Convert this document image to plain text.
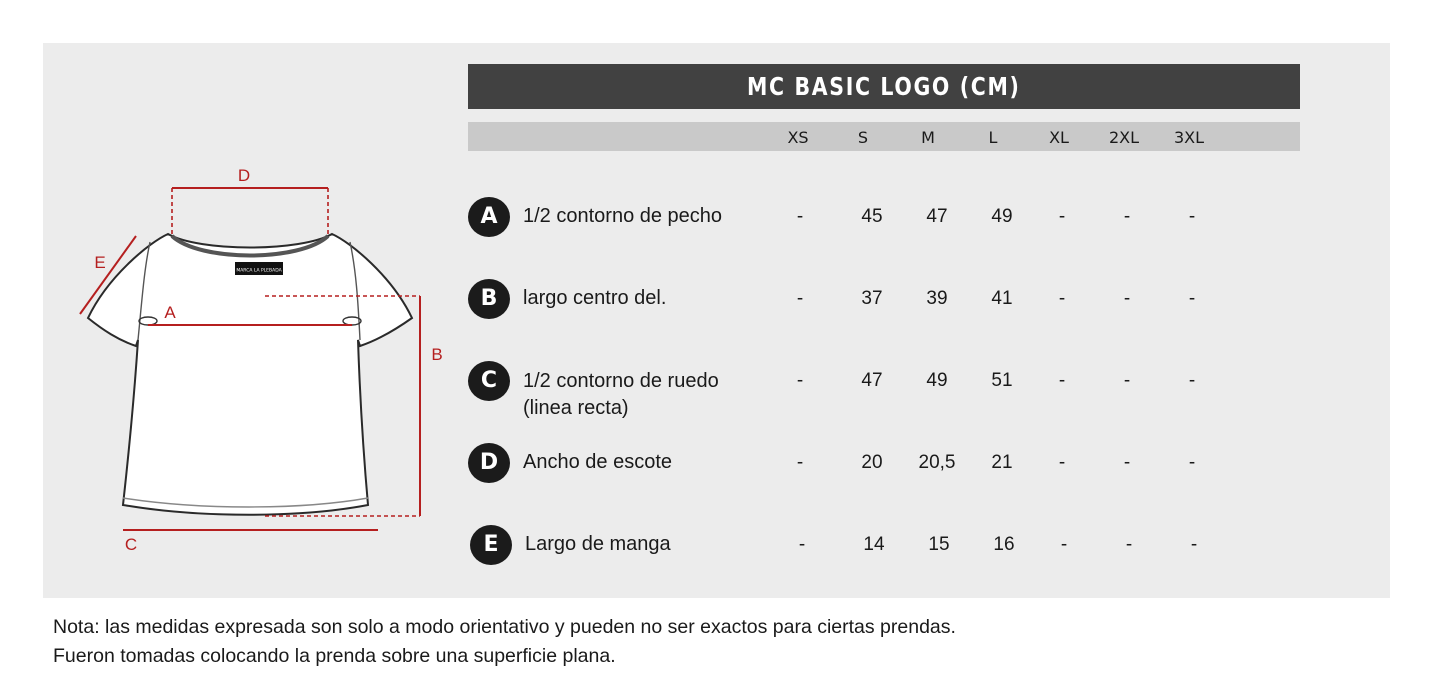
MARCA LA PLEBADA
D
E
A
B
C
MC BASIC LOGO (CM)
XS	S	M	L	XL	2XL	3XL
A	1/2 contorno de pecho	-	45	47	49	-	-	-
B	largo centro del.	-	37	39	41	-	-	-
C	1/2 contorno de ruedo
(linea recta)
-	47	49	51	-	-	-
D	Ancho de escote	-	20	20,5	21	-	-	-
E	Largo de manga	-	14	15	16	-	-	-
Nota: las medidas expresada son solo a modo orientativo y pueden no ser exactos para ciertas prendas.
Fueron tomadas colocando la prenda sobre una superficie plana.
